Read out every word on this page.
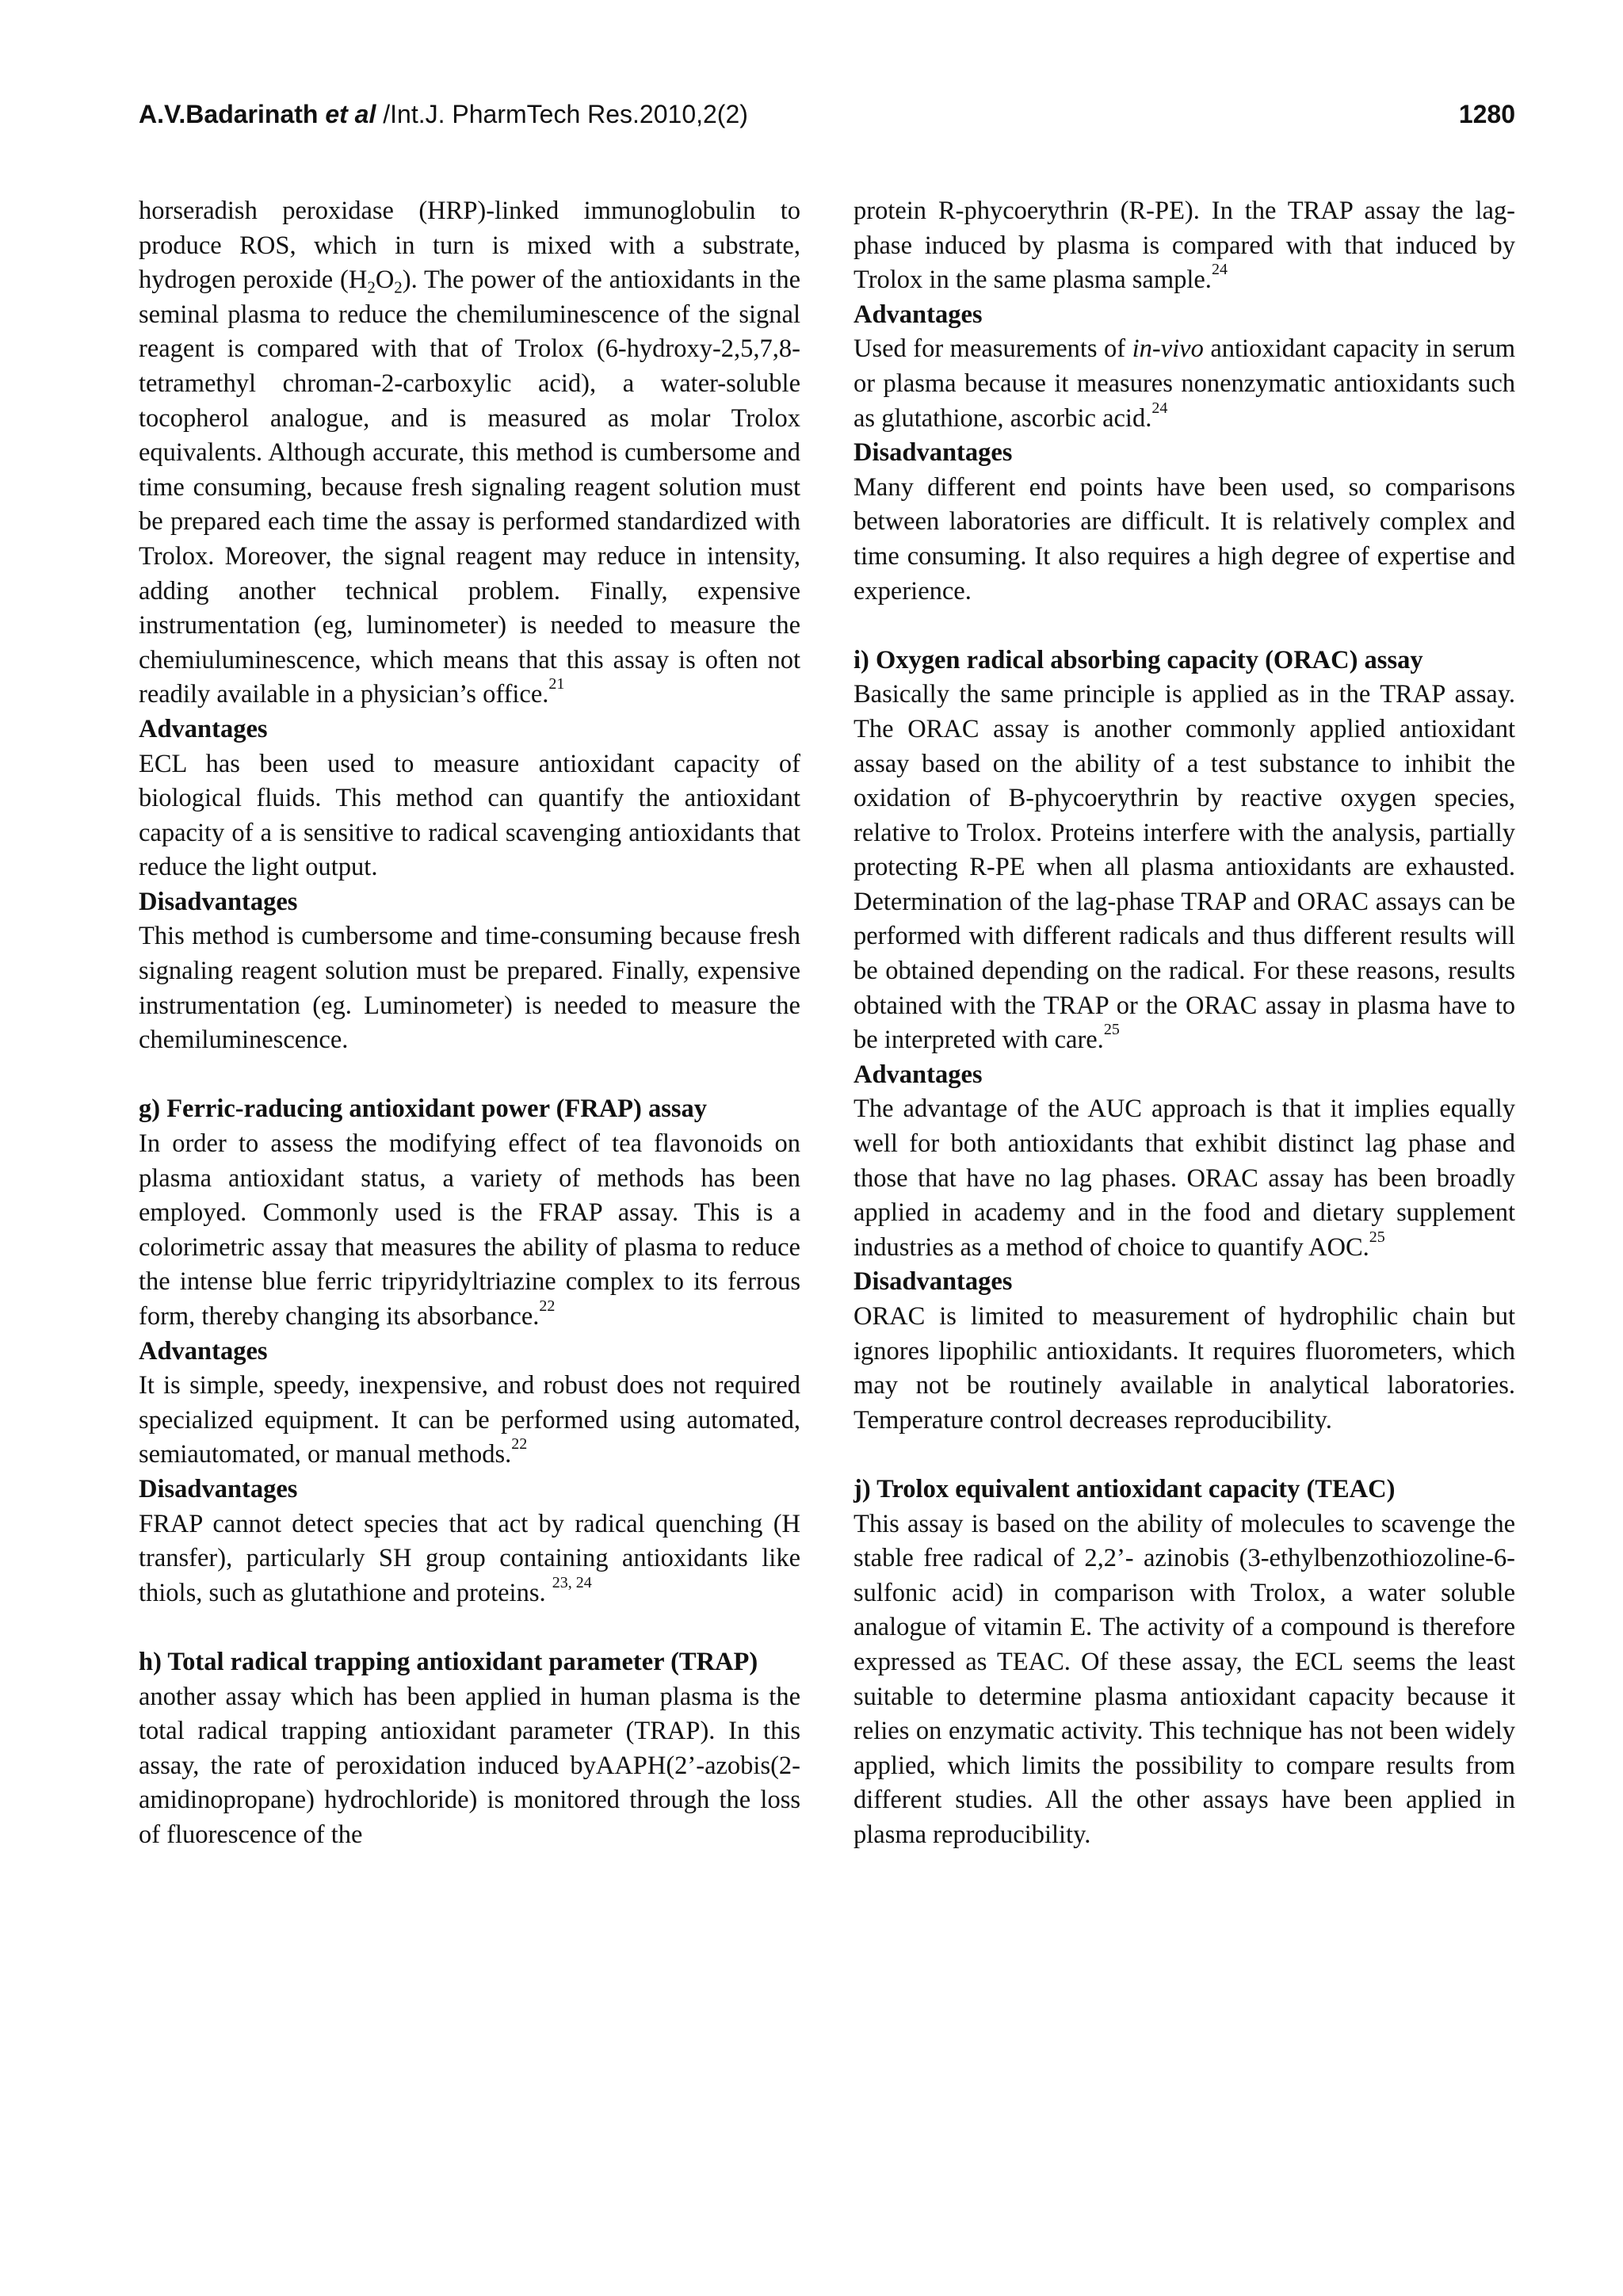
A.V.Badarinath et al /Int.J. PharmTech Res.2010,2(2)	1280

horseradish peroxidase (HRP)-linked immunoglobulin to produce ROS, which in turn is mixed with a substrate, hydrogen peroxide $(H_2O_2)$. The power of the antioxidants in the seminal plasma to reduce the chemiluminescence of the signal reagent is compared with that of Trolox (6-hydroxy-2,5,7,8-tetramethyl chroman-2-carboxylic acid), a water-soluble tocopherol analogue, and is measured as molar Trolox equivalents. Although accurate, this method is cumbersome and time consuming, because fresh signaling reagent solution must be prepared each time the assay is performed standardized with Trolox. Moreover, the signal reagent may reduce in intensity, adding another technical problem. Finally, expensive instrumentation (eg, luminometer) is needed to measure the chemiuluminescence, which means that this assay is often not readily available in a physician’s office.$^{21}$

Advantages

ECL has been used to measure antioxidant capacity of biological fluids. This method can quantify the antioxidant capacity of a is sensitive to radical scavenging antioxidants that reduce the light output.

Disadvantages

This method is cumbersome and time-consuming because fresh signaling reagent solution must be prepared. Finally, expensive instrumentation (eg. Luminometer) is needed to measure the chemiluminescence.

g) Ferric-raducing antioxidant power (FRAP) assay

In order to assess the modifying effect of tea flavonoids on plasma antioxidant status, a variety of methods has been employed. Commonly used is the FRAP assay. This is a colorimetric assay that measures the ability of plasma to reduce the intense blue ferric tripyridyltriazine complex to its ferrous form, thereby changing its absorbance.$^{22}$

Advantages

It is simple, speedy, inexpensive, and robust does not required specialized equipment. It can be performed using automated, semiautomated, or manual methods.$^{22}$

Disadvantages

FRAP cannot detect species that act by radical quenching (H transfer), particularly SH group containing antioxidants like thiols, such as glutathione and proteins. $^{23, 24}$

h) Total radical trapping antioxidant parameter (TRAP)

another assay which has been applied in human plasma is the total radical trapping antioxidant parameter (TRAP). In this assay, the rate of peroxidation induced byAAPH(2’-azobis(2-amidinopropane) hydrochloride) is monitored through the loss of fluorescence of the

protein R-phycoerythrin (R-PE). In the TRAP assay the lag-phase induced by plasma is compared with that induced by Trolox in the same plasma sample.$^{24}$

Advantages

Used for measurements of in-vivo antioxidant capacity in serum or plasma because it measures nonenzymatic antioxidants such as glutathione, ascorbic acid.$^{24}$

Disadvantages

Many different end points have been used, so comparisons between laboratories are difficult. It is relatively complex and time consuming. It also requires a high degree of expertise and experience.

i) Oxygen radical absorbing capacity (ORAC) assay

Basically the same principle is applied as in the TRAP assay. The ORAC assay is another commonly applied antioxidant assay based on the ability of a test substance to inhibit the oxidation of B-phycoerythrin by reactive oxygen species, relative to Trolox. Proteins interfere with the analysis, partially protecting R-PE when all plasma antioxidants are exhausted. Determination of the lag-phase TRAP and ORAC assays can be performed with different radicals and thus different results will be obtained depending on the radical. For these reasons, results obtained with the TRAP or the ORAC assay in plasma have to be interpreted with care.$^{25}$

Advantages

The advantage of the AUC approach is that it implies equally well for both antioxidants that exhibit distinct lag phase and those that have no lag phases. ORAC assay has been broadly applied in academy and in the food and dietary supplement industries as a method of choice to quantify AOC.$^{25}$

Disadvantages

ORAC is limited to measurement of hydrophilic chain but ignores lipophilic antioxidants. It requires fluorometers, which may not be routinely available in analytical laboratories. Temperature control decreases reproducibility.

j) Trolox equivalent antioxidant capacity (TEAC)

This assay is based on the ability of molecules to scavenge the stable free radical of 2,2’- azinobis (3-ethylbenzothiozoline-6-sulfonic acid) in comparison with Trolox, a water soluble analogue of vitamin E. The activity of a compound is therefore expressed as TEAC. Of these assay, the ECL seems the least suitable to determine plasma antioxidant capacity because it relies on enzymatic activity. This technique has not been widely applied, which limits the possibility to compare results from different studies. All the other assays have been applied in plasma reproducibility.
